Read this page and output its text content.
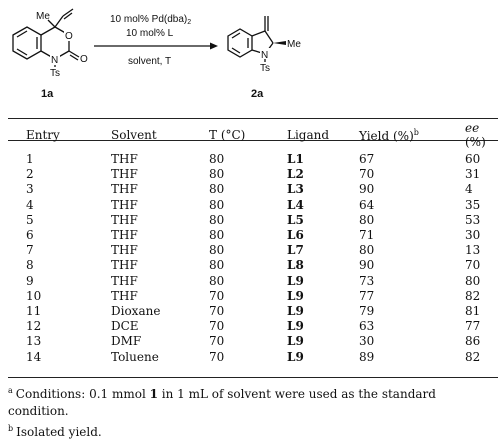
Me
O
N O
Ts
1a
10 mol% $Pd(dba)_2$
10 mol% L
solvent, T
N
Me
Ts
2a
Entry	Solvent	T (°C)	Ligand	Yield (%)$^b$	ee (%)
1	THF	80	L1	67	60
2	THF	80	L2	70	31
3	THF	80	L3	90	4
4	THF	80	L4	64	35
5	THF	80	L5	80	53
6	THF	80	L6	71	30
7	THF	80	L7	80	13
8	THF	80	L8	90	70
9	THF	80	L9	73	80
10	THF	70	L9	77	82
11	Dioxane	70	L9	79	81
12	DCE	70	L9	63	77
13	DMF	70	L9	30	86
14	Toluene	70	L9	89	82
$^a$ Conditions: 0.1 mmol 1 in 1 mL of solvent were used as the standard condition.
$^b$ Isolated yield.
